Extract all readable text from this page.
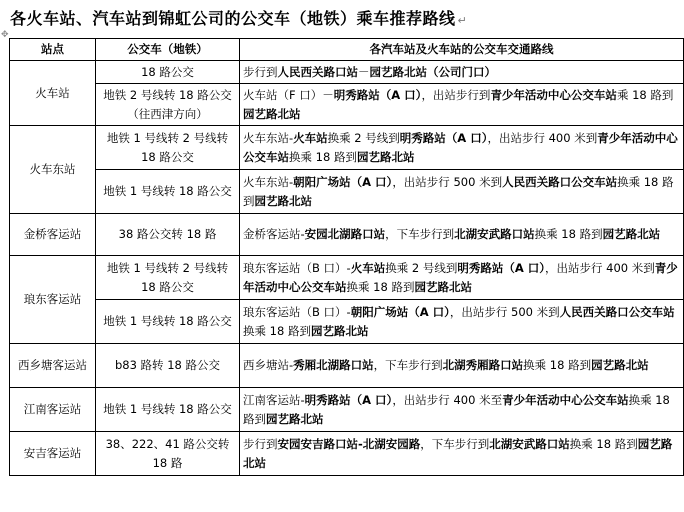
各火车站、汽车站到锦虹公司的公交车（地铁）乘车推荐路线 ↵
✥
站点	公交车（地铁）	各汽车站及火车站的公交车交通路线
火车站	18 路公交	步行到人民西关路口站－园艺路北站（公司门口）
	地铁 2 号线转 18 路公交（往西津方向）	火车站（F 口）－明秀路站（A 口），出站步行到青少年活动中心公交车站乘 18 路到园艺路北站
火车东站	地铁 1 号线转 2 号线转 18 路公交	火车东站-火车站换乘 2 号线到明秀路站（A 口），出站步行 400 米到青少年活动中心公交车站换乘 18 路到园艺路北站
	地铁 1 号线转 18 路公交	火车东站-朝阳广场站（A 口），出站步行 500 米到人民西关路口公交车站换乘 18 路到园艺路北站
金桥客运站	38 路公交转 18 路	金桥客运站-安园北湖路口站，下车步行到北湖安武路口站换乘 18 路到园艺路北站
琅东客运站	地铁 1 号线转 2 号线转 18 路公交	琅东客运站（B 口）-火车站换乘 2 号线到明秀路站（A 口），出站步行 400 米到青少年活动中心公交车站换乘 18 路到园艺路北站
	地铁 1 号线转 18 路公交	琅东客运站（B 口）-朝阳广场站（A 口），出站步行 500 米到人民西关路口公交车站换乘 18 路到园艺路北站
西乡塘客运站	b83 路转 18 路公交	西乡塘站-秀厢北湖路口站，下车步行到北湖秀厢路口站换乘 18 路到园艺路北站
江南客运站	地铁 1 号线转 18 路公交	江南客运站-明秀路站（A 口），出站步行 400 米至青少年活动中心公交车站换乘 18 路到园艺路北站
安吉客运站	38、222、41 路公交转 18 路	步行到安园安吉路口站-北湖安园路，下车步行到北湖安武路口站换乘 18 路到园艺路北站
